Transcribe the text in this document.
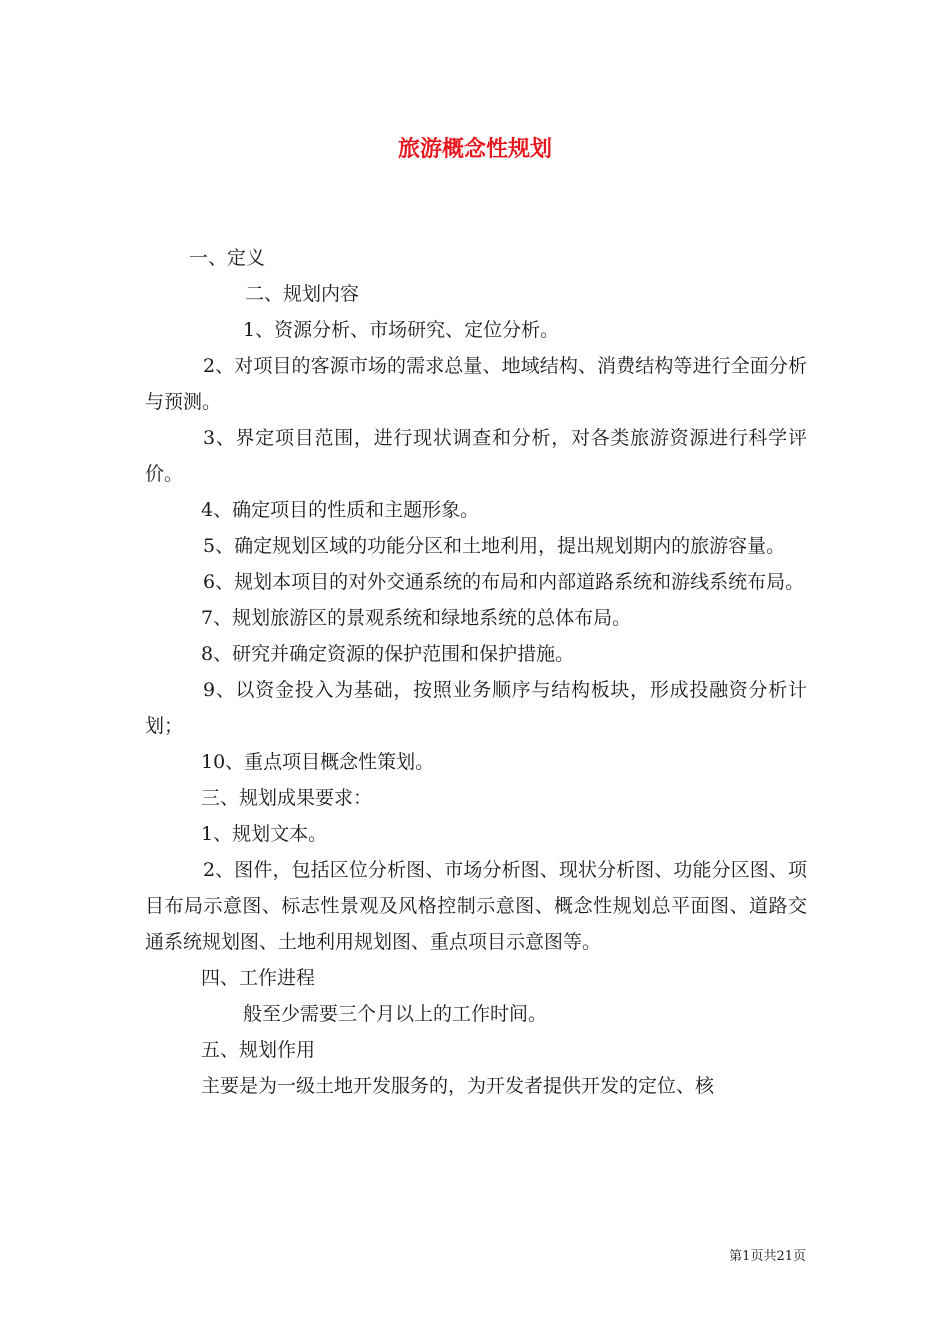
旅游概念性规划

一、定义

二、规划内容

1、资源分析、市场研究、定位分析。

2、对项目的客源市场的需求总量、地域结构、消费结构等进行全面分析与预测。

3、界定项目范围，进行现状调查和分析，对各类旅游资源进行科学评价。

4、确定项目的性质和主题形象。

5、确定规划区域的功能分区和土地利用，提出规划期内的旅游容量。

6、规划本项目的对外交通系统的布局和内部道路系统和游线系统布局。

7、规划旅游区的景观系统和绿地系统的总体布局。

8、研究并确定资源的保护范围和保护措施。

9、以资金投入为基础，按照业务顺序与结构板块，形成投融资分析计划；

10、重点项目概念性策划。

三、规划成果要求：

1、规划文本。

2、图件，包括区位分析图、市场分析图、现状分析图、功能分区图、项目布局示意图、标志性景观及风格控制示意图、概念性规划总平面图、道路交通系统规划图、土地利用规划图、重点项目示意图等。

四、工作进程

般至少需要三个月以上的工作时间。

五、规划作用

主要是为一级土地开发服务的，为开发者提供开发的定位、核

第1页共21页
